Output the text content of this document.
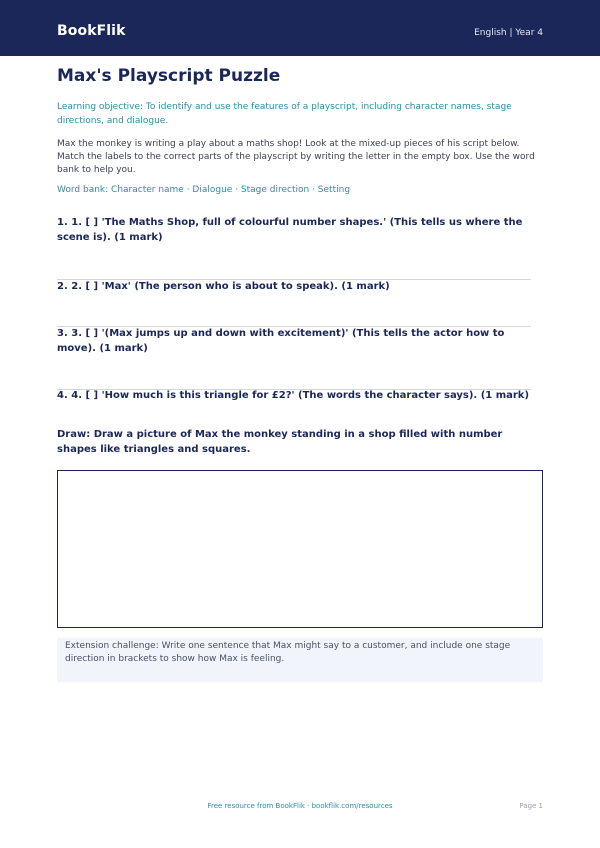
BookFlik	English | Year 4
Max's Playscript Puzzle
Learning objective: To identify and use the features of a playscript, including character names, stage directions, and dialogue.
Max the monkey is writing a play about a maths shop! Look at the mixed-up pieces of his script below. Match the labels to the correct parts of the playscript by writing the letter in the empty box. Use the word bank to help you.
Word bank: Character name · Dialogue · Stage direction · Setting
1. 1. [ ] 'The Maths Shop, full of colourful number shapes.' (This tells us where the scene is). (1 mark)
2. 2. [ ] 'Max' (The person who is about to speak). (1 mark)
3. 3. [ ] '(Max jumps up and down with excitement)' (This tells the actor how to move). (1 mark)
4. 4. [ ] 'How much is this triangle for £2?' (The words the character says). (1 mark)
Draw: Draw a picture of Max the monkey standing in a shop filled with number shapes like triangles and squares.
Extension challenge: Write one sentence that Max might say to a customer, and include one stage direction in brackets to show how Max is feeling.
Free resource from BookFlik · bookflik.com/resources	Page 1
